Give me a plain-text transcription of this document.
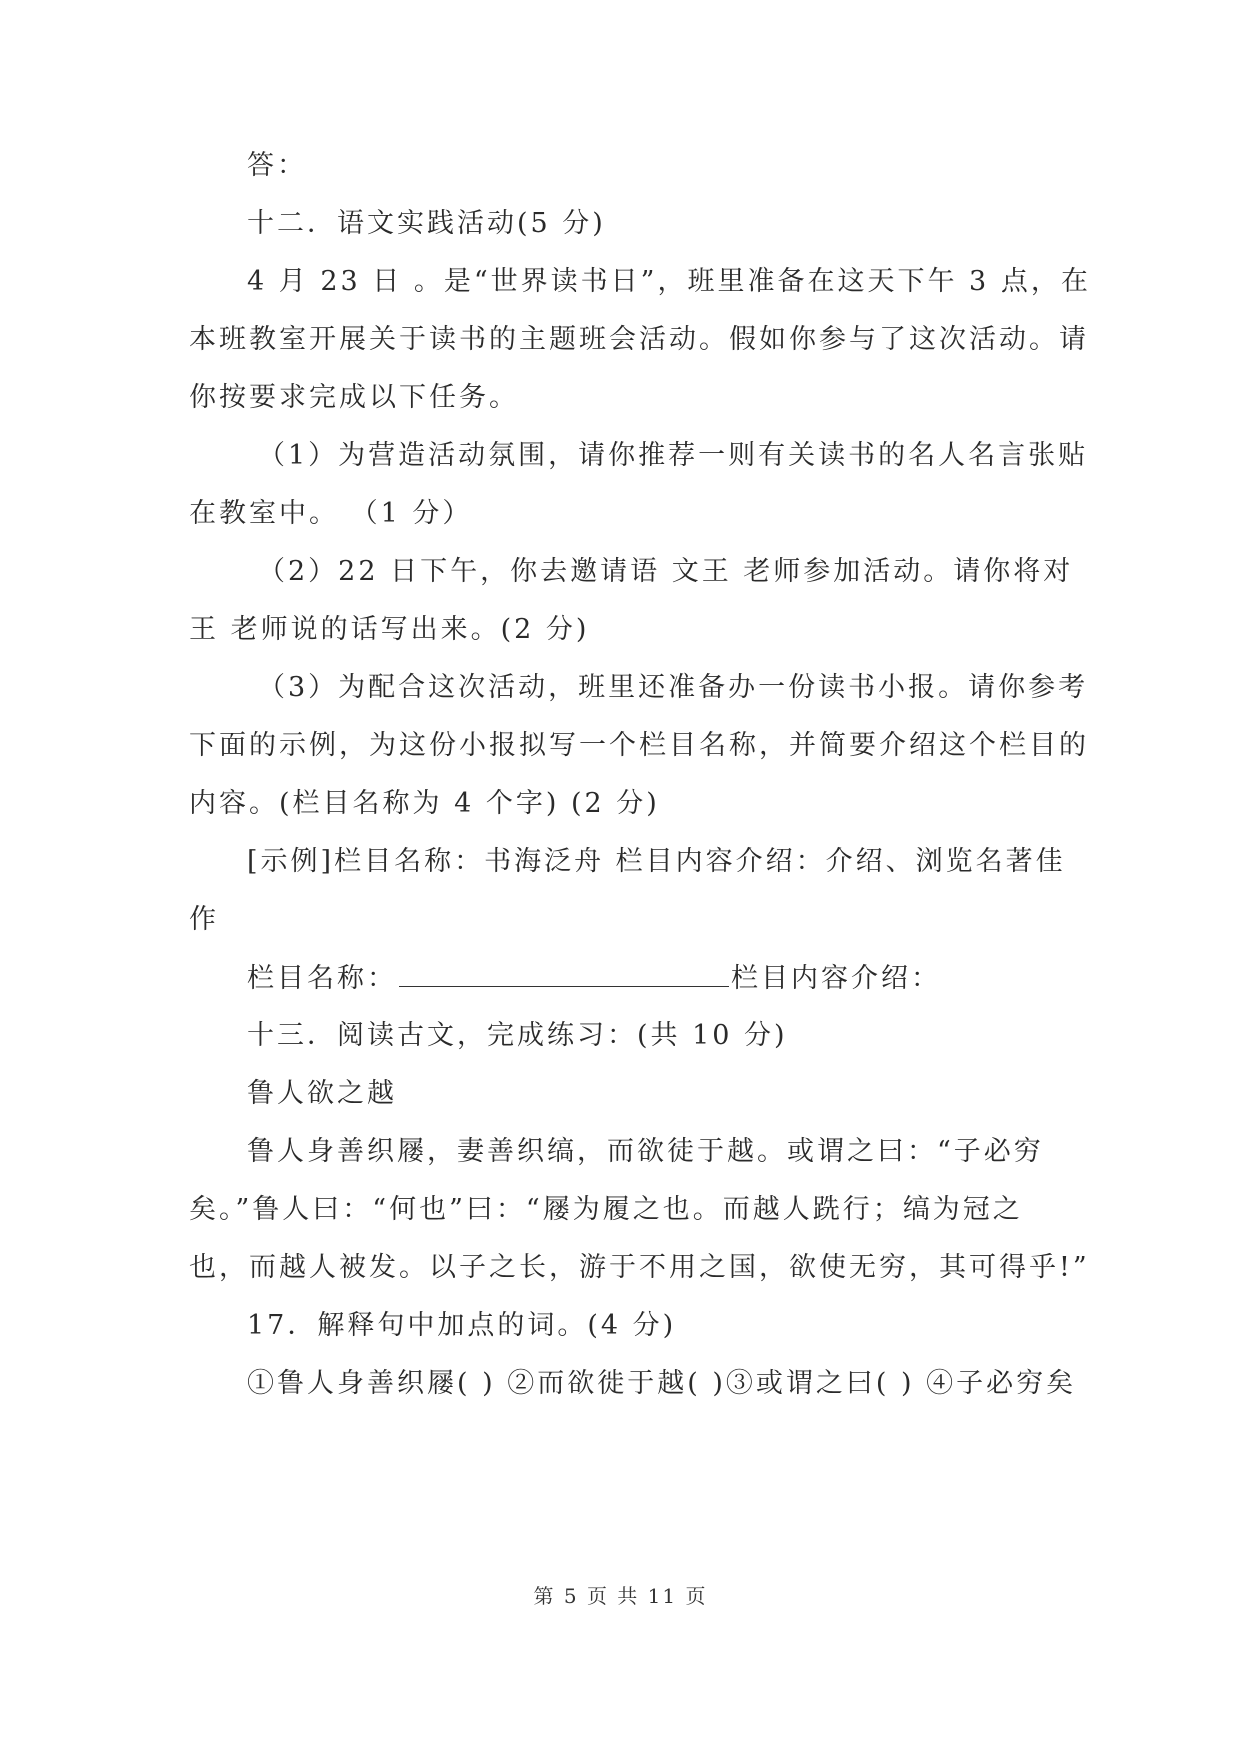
答：
十二．语文实践活动(5 分)
4 月 23 日 。是“世界读书日”，班里准备在这天下午 3 点，在
本班教室开展关于读书的主题班会活动。假如你参与了这次活动。请
你按要求完成以下任务。
（1）为营造活动氛围，请你推荐一则有关读书的名人名言张贴
在教室中。 （1 分）
（2）22 日下午，你去邀请语 文王 老师参加活动。请你将对
王 老师说的话写出来。(2 分)
（3）为配合这次活动，班里还准备办一份读书小报。请你参考
下面的示例，为这份小报拟写一个栏目名称，并简要介绍这个栏目的
内容。(栏目名称为 4 个字) (2 分)
[示例]栏目名称：书海泛舟 栏目内容介绍：介绍、浏览名著佳
作
栏目名称：	栏目内容介绍：
十三．阅读古文，完成练习：(共 10 分)
鲁人欲之越
鲁人身善织屦，妻善织缟，而欲徒于越。或谓之曰：“子必穷
矣。”鲁人曰：“何也”曰：“屦为履之也。而越人跣行；缟为冠之
也，而越人被发。以子之长，游于不用之国，欲使无穷，其可得乎!”
17．解释句中加点的词。(4 分)
①鲁人身善织屦( ) ②而欲徙于越( )③或谓之曰( ) ④子必穷矣
第 5 页 共 11 页
